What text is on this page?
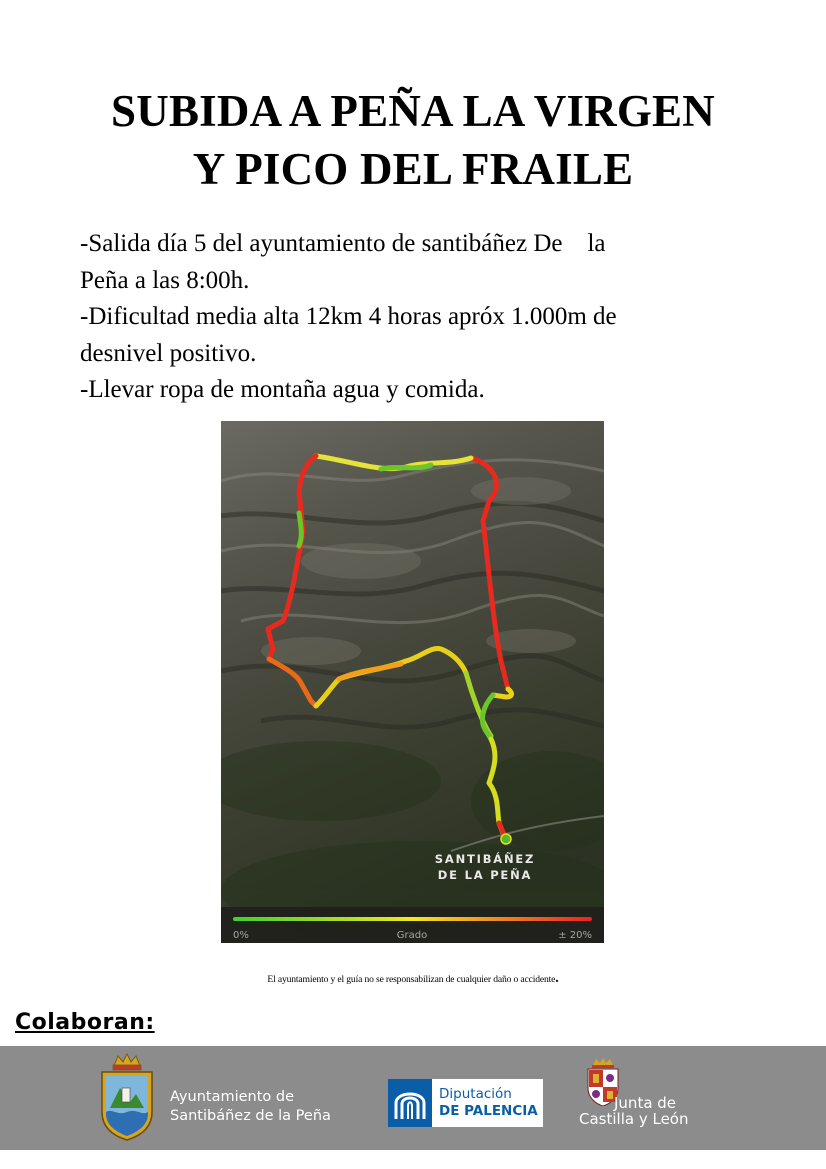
SUBIDA A PEÑA LA VIRGEN
Y PICO DEL FRAILE
-Salida día 5 del ayuntamiento de santibáñez De    la
Peña a las 8:00h.
-Dificultad media alta 12km 4 horas apróx 1.000m de
desnivel positivo.
-Llevar ropa de montaña agua y comida.
SANTIBÁÑEZ
DE LA PEÑA
0%	Grado	± 20%
El ayuntamiento y el guía no se responsabilizan de cualquier daño o accidente.
Colaboran:
Ayuntamiento de
Santibáñez de la Peña
Diputación
DE PALENCIA	Junta de
Castilla y León
